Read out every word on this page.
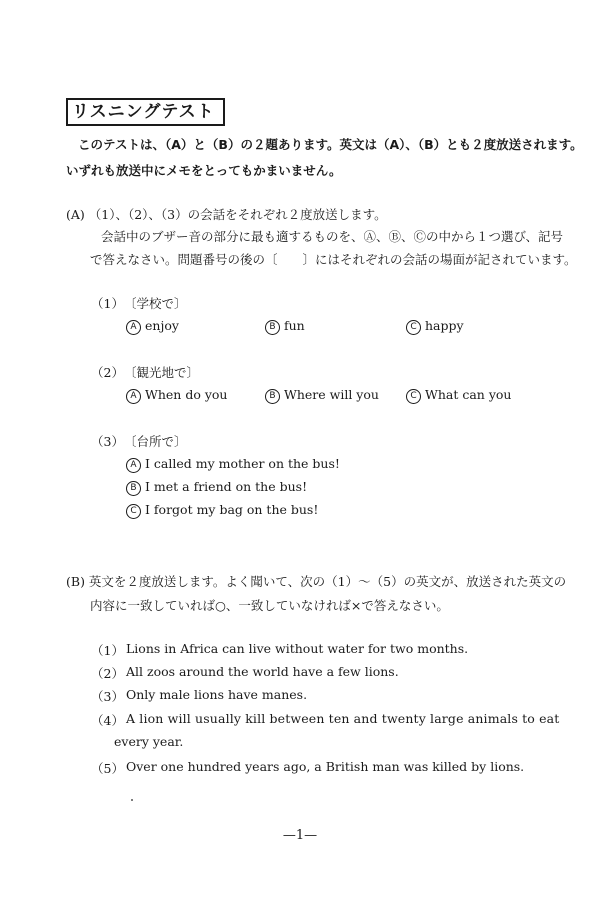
リスニングテスト
このテストは、（A）と（B）の２題あります。英文は（A）、（B）とも２度放送されます。
いずれも放送中にメモをとってもかまいません。
(A) （1）、（2）、（3）の会話をそれぞれ２度放送します。
会話中のブザー音の部分に最も適するものを、Ⓐ、Ⓑ、Ⓒの中から１つ選び、記号
で答えなさい。問題番号の後の〔　　〕にはそれぞれの会話の場面が記されています。
（1） 〔学校で〕
A enjoy	B fun	C happy
（2） 〔観光地で〕
A When do you	B Where will you	C What can you
（3） 〔台所で〕
A I called my mother on the bus!
B I met a friend on the bus!
C I forgot my bag on the bus!
(B) 英文を２度放送します。よく聞いて、次の（1）～（5）の英文が、放送された英文の
内容に一致していれば○、一致していなければ×で答えなさい。
（1） Lions in Africa can live without water for two months.
（2） All zoos around the world have a few lions.
（3） Only male lions have manes.
（4） A lion will usually kill between ten and twenty large animals to eat
every year.
（5） Over one hundred years ago, a British man was killed by lions.
—1—
